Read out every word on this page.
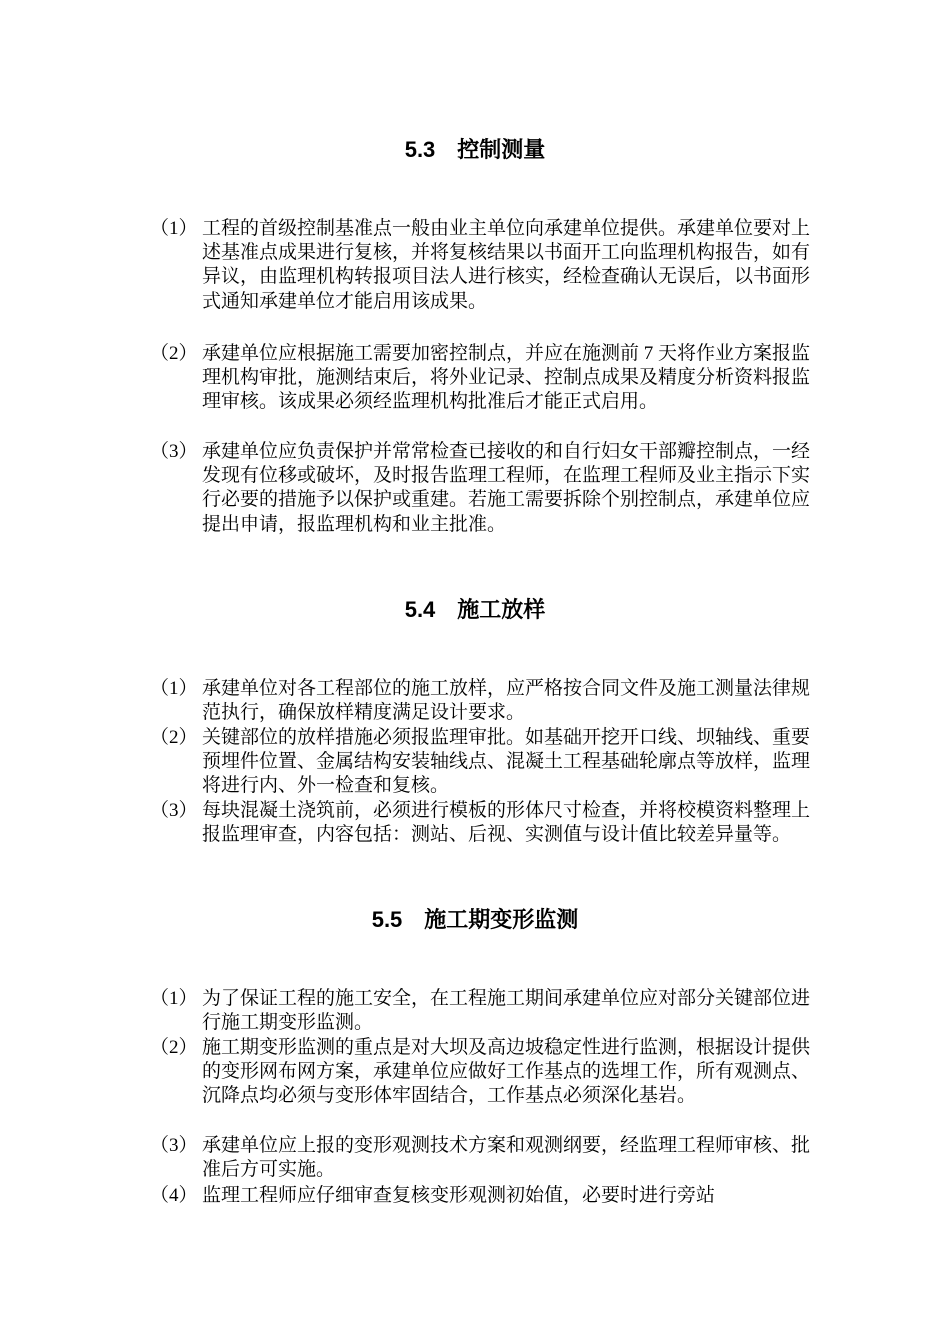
5.3　控制测量
（1） 工程的首级控制基准点一般由业主单位向承建单位提供。承建单位要对上述基准点成果进行复核，并将复核结果以书面开工向监理机构报告，如有异议，由监理机构转报项目法人进行核实，经检查确认无误后，以书面形式通知承建单位才能启用该成果。
（2） 承建单位应根据施工需要加密控制点，并应在施测前 7 天将作业方案报监理机构审批，施测结束后，将外业记录、控制点成果及精度分析资料报监理审核。该成果必须经监理机构批准后才能正式启用。
（3） 承建单位应负责保护并常常检查已接收的和自行妇女干部瓣控制点，一经发现有位移或破坏，及时报告监理工程师，在监理工程师及业主指示下实行必要的措施予以保护或重建。若施工需要拆除个别控制点，承建单位应提出申请，报监理机构和业主批准。
5.4　施工放样
（1） 承建单位对各工程部位的施工放样，应严格按合同文件及施工测量法律规范执行，确保放样精度满足设计要求。
（2） 关键部位的放样措施必须报监理审批。如基础开挖开口线、坝轴线、重要预埋件位置、金属结构安装轴线点、混凝土工程基础轮廓点等放样，监理将进行内、外一检查和复核。
（3） 每块混凝土浇筑前，必须进行模板的形体尺寸检查，并将校模资料整理上报监理审查，内容包括：测站、后视、实测值与设计值比较差异量等。
5.5　施工期变形监测
（1） 为了保证工程的施工安全，在工程施工期间承建单位应对部分关键部位进行施工期变形监测。
（2） 施工期变形监测的重点是对大坝及高边坡稳定性进行监测，根据设计提供的变形网布网方案，承建单位应做好工作基点的选埋工作，所有观测点、沉降点均必须与变形体牢固结合，工作基点必须深化基岩。
（3） 承建单位应上报的变形观测技术方案和观测纲要，经监理工程师审核、批准后方可实施。
（4） 监理工程师应仔细审查复核变形观测初始值，必要时进行旁站
